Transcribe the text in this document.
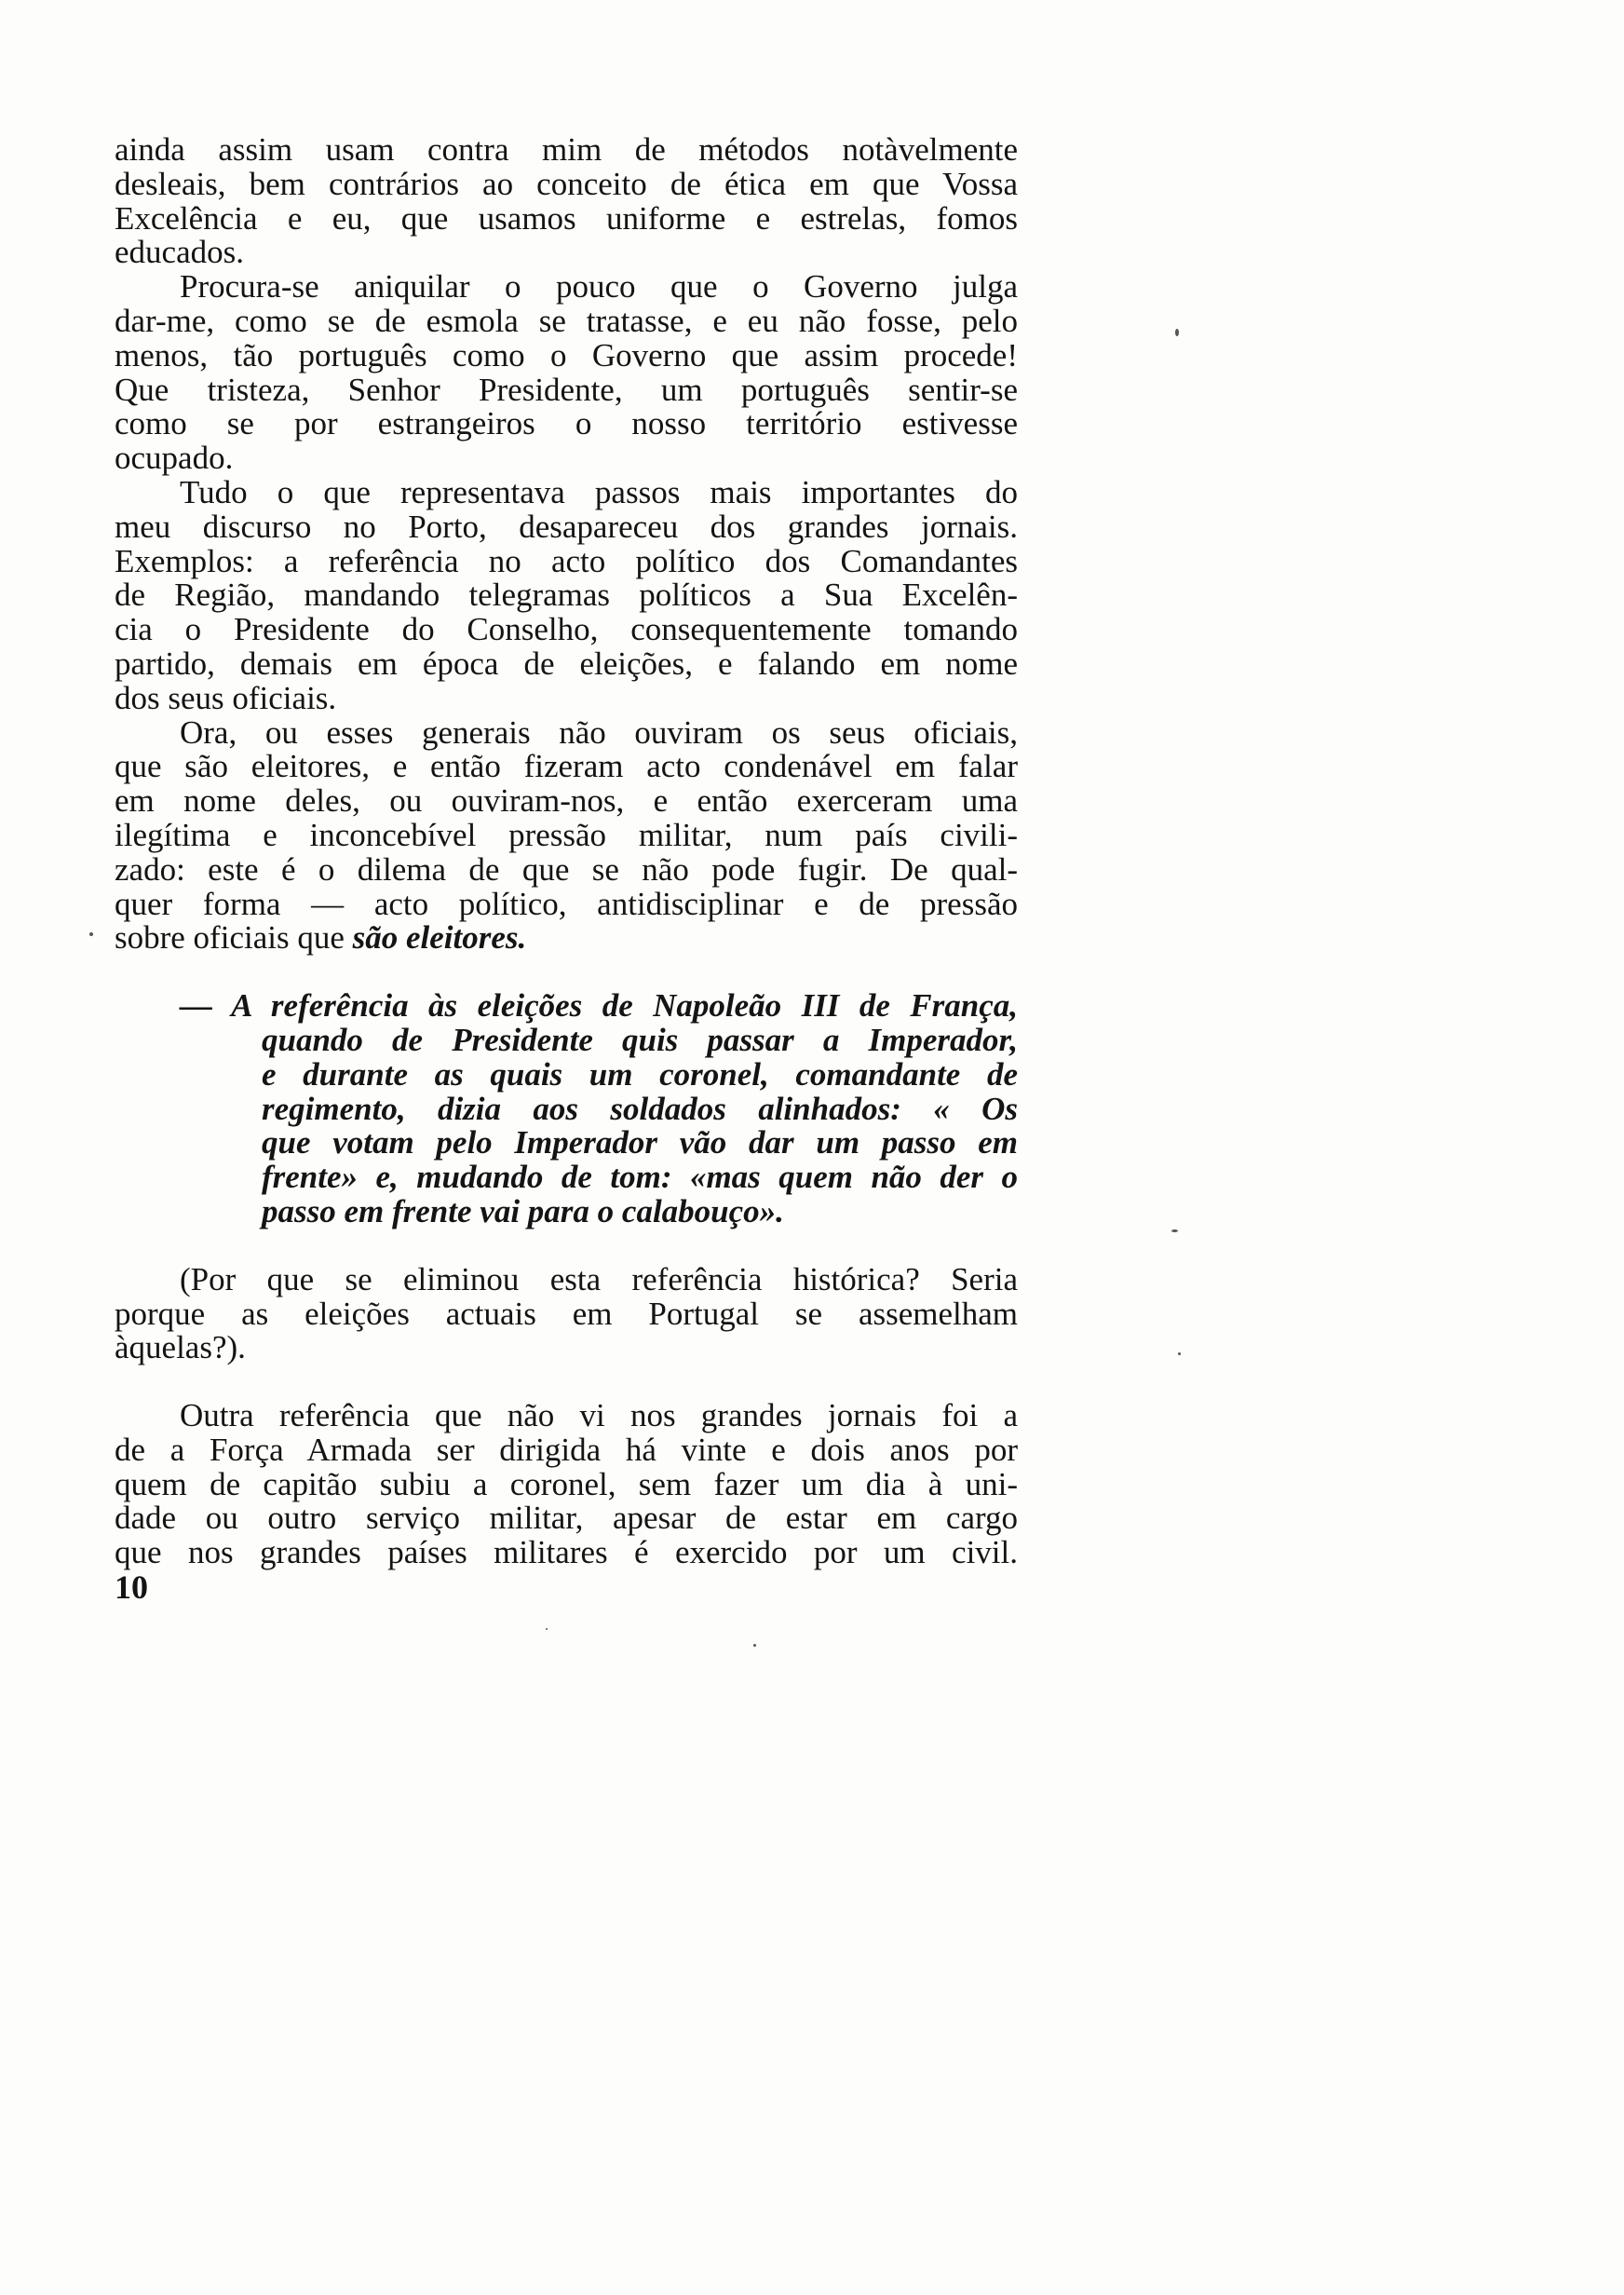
ainda assim usam contra mim de métodos notàvelmente
desleais, bem contrários ao conceito de ética em que Vossa
Excelência e eu, que usamos uniforme e estrelas, fomos
educados.
Procura-se aniquilar o pouco que o Governo julga
dar-me, como se de esmola se tratasse, e eu não fosse, pelo
menos, tão português como o Governo que assim procede!
Que tristeza, Senhor Presidente, um português sentir-se
como se por estrangeiros o nosso território estivesse
ocupado.
Tudo o que representava passos mais importantes do
meu discurso no Porto, desapareceu dos grandes jornais.
Exemplos: a referência no acto político dos Comandantes
de Região, mandando telegramas políticos a Sua Excelên-
cia o Presidente do Conselho, consequentemente tomando
partido, demais em época de eleições, e falando em nome
dos seus oficiais.
Ora, ou esses generais não ouviram os seus oficiais,
que são eleitores, e então fizeram acto condenável em falar
em nome deles, ou ouviram-nos, e então exerceram uma
ilegítima e inconcebível pressão militar, num país civili-
zado: este é o dilema de que se não pode fugir. De qual-
quer forma — acto político, antidisciplinar e de pressão
sobre oficiais que são eleitores.
— A referência às eleições de Napoleão III de França,
quando de Presidente quis passar a Imperador,
e durante as quais um coronel, comandante de
regimento, dizia aos soldados alinhados: « Os
que votam pelo Imperador vão dar um passo em
frente» e, mudando de tom: «mas quem não der o
passo em frente vai para o calabouço».
(Por que se eliminou esta referência histórica? Seria
porque as eleições actuais em Portugal se assemelham
àquelas?).
Outra referência que não vi nos grandes jornais foi a
de a Força Armada ser dirigida há vinte e dois anos por
quem de capitão subiu a coronel, sem fazer um dia à uni-
dade ou outro serviço militar, apesar de estar em cargo
que nos grandes países militares é exercido por um civil.
10
